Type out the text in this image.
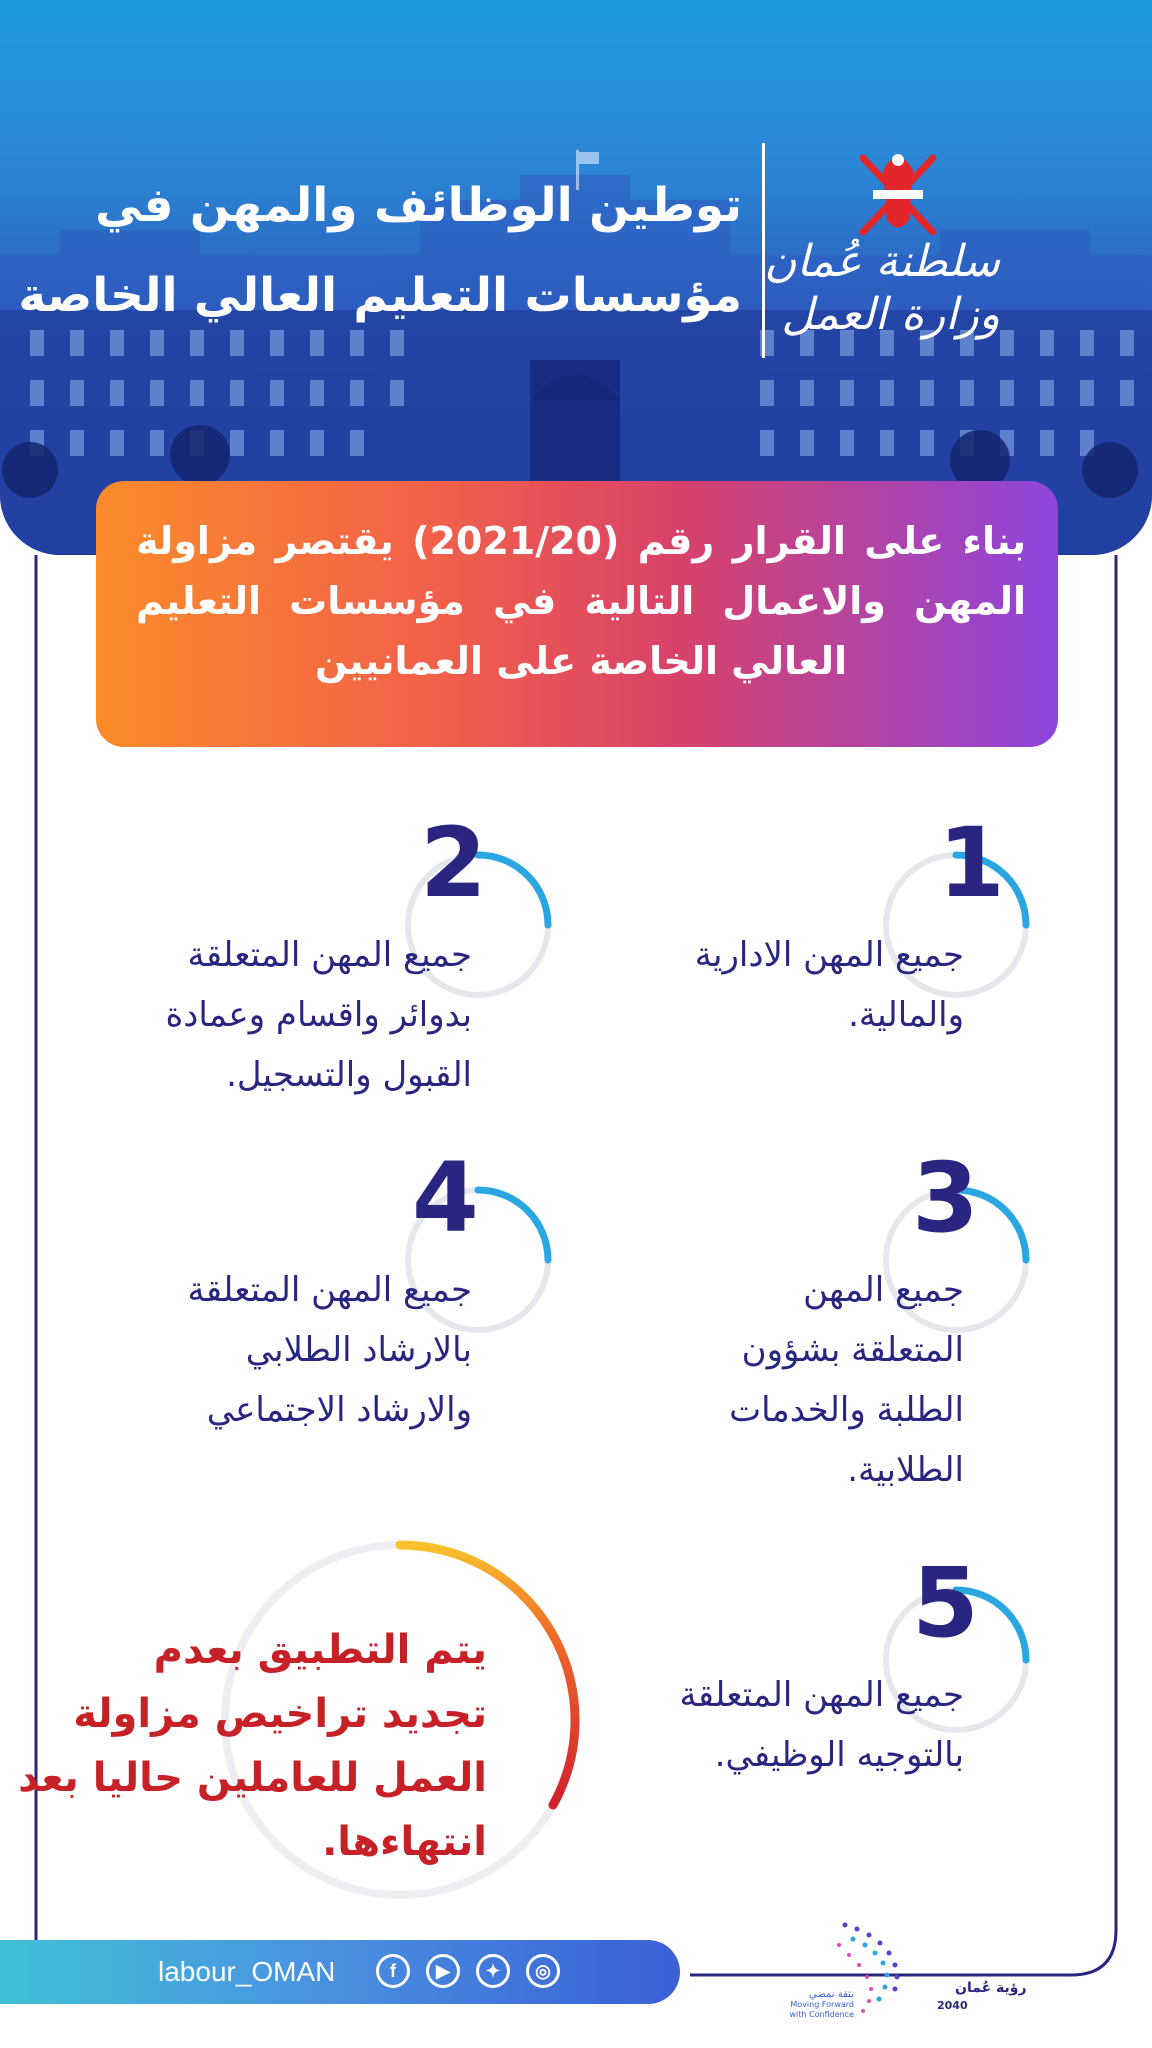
توطين الوظائف والمهن في
مؤسسات التعليم العالي الخاصة
سلطنة عُمان
وزارة العمل
بناء على القرار رقم (2021/20) يقتصر مزاولة المهن والاعمال التالية في مؤسسات التعليم العالي الخاصة على العمانيين
1
جميع المهن الادارية
والمالية.
2
جميع المهن المتعلقة
بدوائر واقسام وعمادة
القبول والتسجيل.
3
جميع المهن
المتعلقة بشؤون
الطلبة والخدمات
الطلابية.
4
جميع المهن المتعلقة
بالارشاد الطلابي
والارشاد الاجتماعي
5
جميع المهن المتعلقة
بالتوجيه الوظيفي.
يتم التطبيق بعدم
تجديد تراخيص مزاولة
العمل للعاملين حاليا بعد
انتهاءها.
labour_OMAN	f	▶	✦	◎
رؤية عُمان
2040
بثقة نمضي
Moving Forward
with Confidence
